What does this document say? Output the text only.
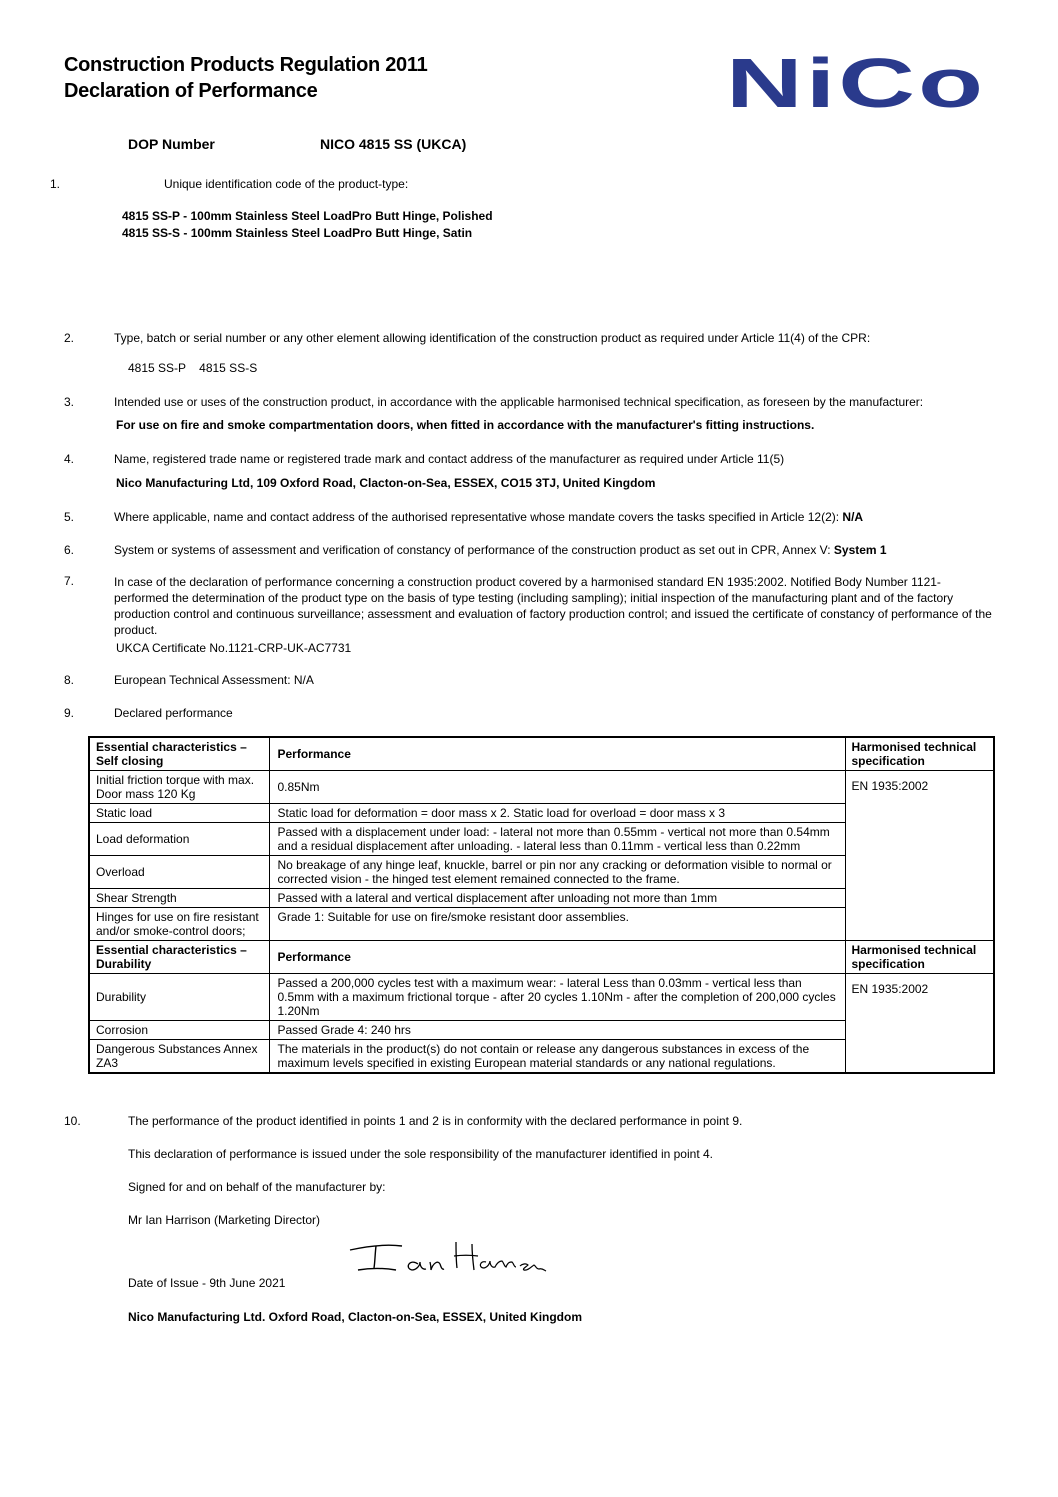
Construction Products Regulation 2011
Declaration of Performance	NiCo
DOP Number	NICO 4815 SS (UKCA)
1.	Unique identification code of the product-type:
4815 SS-P - 100mm Stainless Steel LoadPro Butt Hinge, Polished
4815 SS-S - 100mm Stainless Steel LoadPro Butt Hinge, Satin
2.	Type, batch or serial number or any other element allowing identification of the construction product as required under Article 11(4) of the CPR:
4815 SS-P    4815 SS-S
3.	Intended use or uses of the construction product, in accordance with the applicable harmonised technical specification, as foreseen by the manufacturer:
For use on fire and smoke compartmentation doors, when fitted in accordance with the manufacturer's fitting instructions.
4.	Name, registered trade name or registered trade mark and contact address of the manufacturer as required under Article 11(5)
Nico Manufacturing Ltd, 109 Oxford Road, Clacton-on-Sea, ESSEX, CO15 3TJ, United Kingdom
5.	Where applicable, name and contact address of the authorised representative whose mandate covers the tasks specified in Article 12(2): N/A
6.	System or systems of assessment and verification of constancy of performance of the construction product as set out in CPR, Annex V: System 1
7.	In case of the declaration of performance concerning a construction product covered by a harmonised standard EN 1935:2002. Notified Body Number 1121- performed the determination of the product type on the basis of type testing (including sampling); initial inspection of the manufacturing plant and of the factory production control and continuous surveillance; assessment and evaluation of factory production control; and issued the certificate of constancy of performance of the product.
UKCA Certificate No.1121-CRP-UK-AC7731
8.	European Technical Assessment: N/A
9.	Declared performance
Essential characteristics – Self closing	Performance	Harmonised technical specification
Initial friction torque with max. Door mass 120 Kg	0.85Nm	EN 1935:2002
Static load	Static load for deformation = door mass x 2. Static load for overload = door mass x 3	
Load deformation	Passed with a displacement under load: - lateral not more than 0.55mm - vertical not more than 0.54mm and a residual displacement after unloading. - lateral less than 0.11mm - vertical less than 0.22mm	
Overload	No breakage of any hinge leaf, knuckle, barrel or pin nor any cracking or deformation visible to normal or corrected vision - the hinged test element remained connected to the frame.	
Shear Strength	Passed with a lateral and vertical displacement after unloading not more than 1mm	
Hinges for use on fire resistant and/or smoke-control doors;	Grade 1: Suitable for use on fire/smoke resistant door assemblies.	
Essential characteristics – Durability	Performance	Harmonised technical specification
Durability	Passed a 200,000 cycles test with a maximum wear: - lateral Less than 0.03mm - vertical less than 0.5mm with a maximum frictional torque - after 20 cycles 1.10Nm - after the completion of 200,000 cycles 1.20Nm	EN 1935:2002
Corrosion	Passed Grade 4: 240 hrs	
Dangerous Substances Annex ZA3	The materials in the product(s) do not contain or release any dangerous substances in excess of the maximum levels specified in existing European material standards or any national regulations.	
10.	The performance of the product identified in points 1 and 2 is in conformity with the declared performance in point 9.
This declaration of performance is issued under the sole responsibility of the manufacturer identified in point 4.
Signed for and on behalf of the manufacturer by:
Mr Ian Harrison (Marketing Director)
Ian Harrison
Date of Issue - 9th June 2021
Nico Manufacturing Ltd. Oxford Road, Clacton-on-Sea, ESSEX, United Kingdom
